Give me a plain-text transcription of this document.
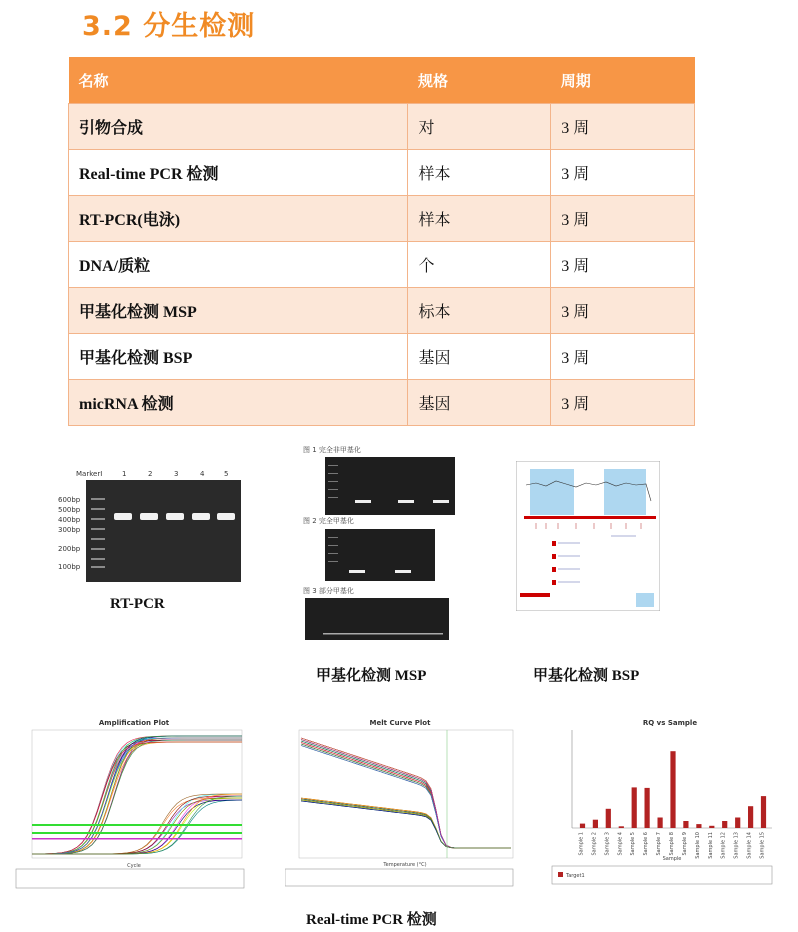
3.2 分生检测
名称	规格	周期
引物合成	对	3 周
Real-time PCR 检测	样本	3 周
RT-PCR(电泳)	样本	3 周
DNA/质粒	个	3 周
甲基化检测 MSP	标本	3 周
甲基化检测 BSP	基因	3 周
micRNA 检测	基因	3 周
MarkerI	1	2	3	4	5
600bp
500bp
400bp
300bp
200bp
100bp
RT-PCR
图 1 完全非甲基化
图 2 完全甲基化
图 3 部分甲基化
甲基化检测 MSP	甲基化检测 BSP
Amplification Plot
Cycle
Melt Curve Plot
Temperature (°C)
RQ vs Sample
Sample 1 Sample 2 Sample 3 Sample 4 Sample 5 Sample 6 Sample 7 Sample 8 Sample 9 Sample 10 Sample 11 Sample 12 Sample 13 Sample 14 Sample 15
Sample
Target1
Real-time PCR 检测
